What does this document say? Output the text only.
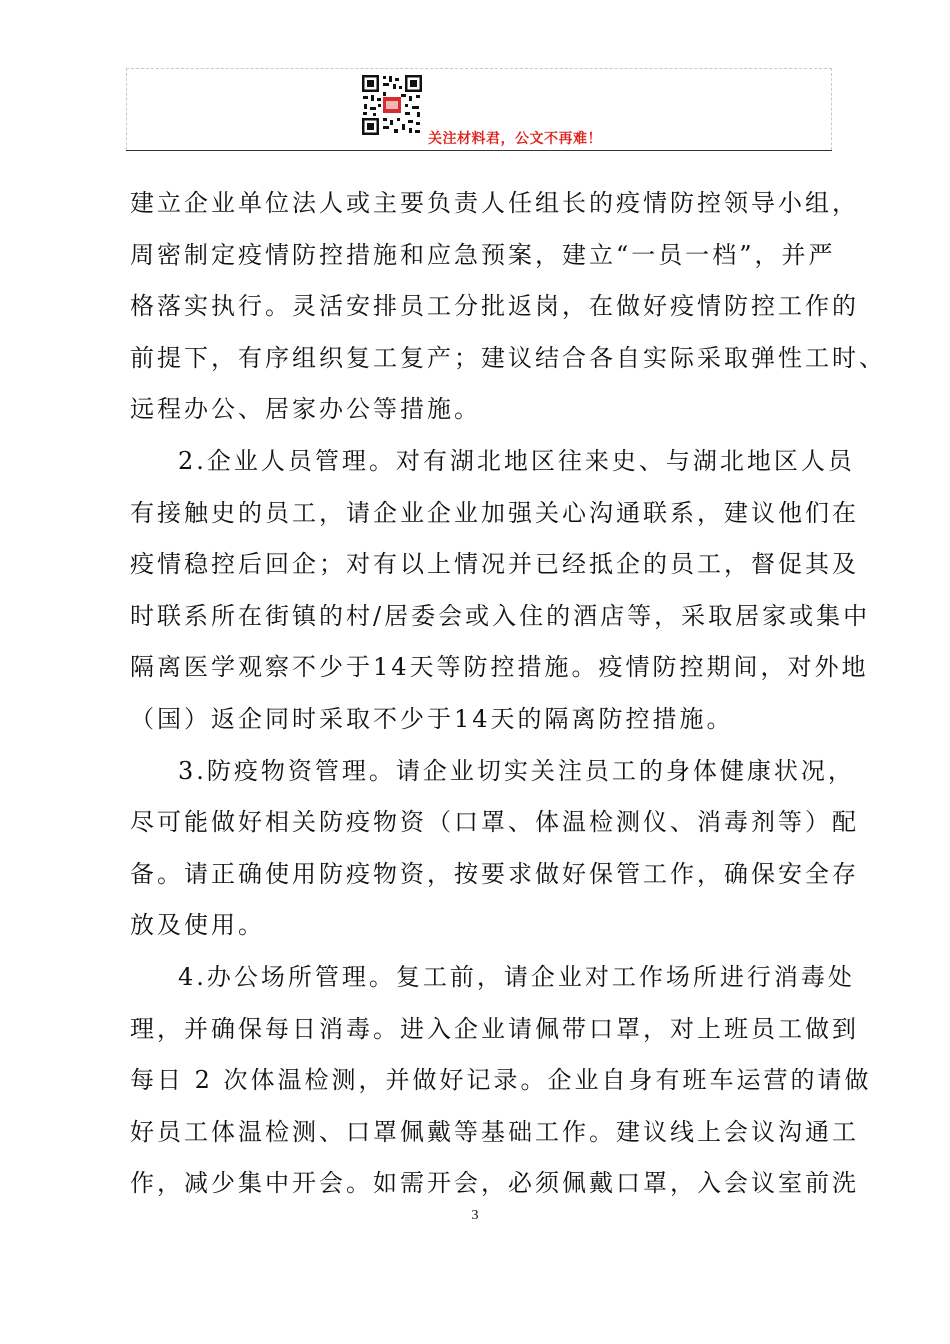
关注材料君，公文不再难！
建立企业单位法人或主要负责人任组长的疫情防控领导小组，
周密制定疫情防控措施和应急预案，建立“一员一档”，并严
格落实执行。灵活安排员工分批返岗，在做好疫情防控工作的
前提下，有序组织复工复产；建议结合各自实际采取弹性工时、
远程办公、居家办公等措施。
2.企业人员管理。对有湖北地区往来史、与湖北地区人员
有接触史的员工，请企业企业加强关心沟通联系，建议他们在
疫情稳控后回企；对有以上情况并已经抵企的员工，督促其及
时联系所在街镇的村/居委会或入住的酒店等，采取居家或集中
隔离医学观察不少于14天等防控措施。疫情防控期间，对外地
（国）返企同时采取不少于14天的隔离防控措施。
3.防疫物资管理。请企业切实关注员工的身体健康状况，
尽可能做好相关防疫物资（口罩、体温检测仪、消毒剂等）配
备。请正确使用防疫物资，按要求做好保管工作，确保安全存
放及使用。
4.办公场所管理。复工前，请企业对工作场所进行消毒处
理，并确保每日消毒。进入企业请佩带口罩，对上班员工做到
每日 2 次体温检测，并做好记录。企业自身有班车运营的请做
好员工体温检测、口罩佩戴等基础工作。建议线上会议沟通工
作，减少集中开会。如需开会，必须佩戴口罩，入会议室前洗
3
